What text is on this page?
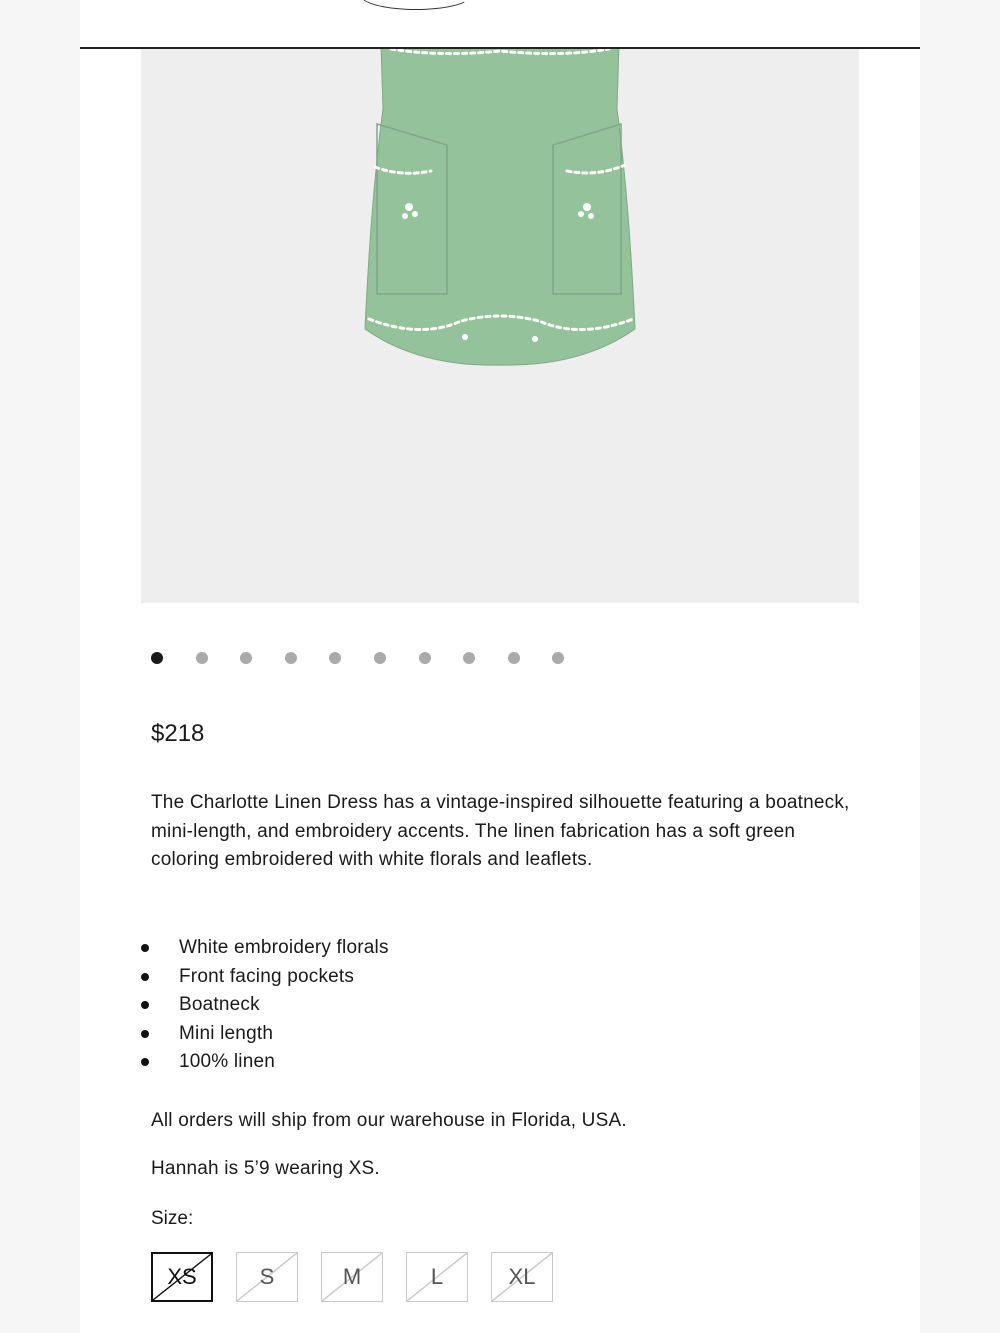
$218
The Charlotte Linen Dress has a vintage-inspired silhouette featuring a boatneck, mini-length, and embroidery accents. The linen fabrication has a soft green coloring embroidered with white florals and leaflets.
White embroidery florals
Front facing pockets
Boatneck
Mini length
100% linen
All orders will ship from our warehouse in Florida, USA.
Hannah is 5’9 wearing XS.
Size:
XS	S	M	L	XL
